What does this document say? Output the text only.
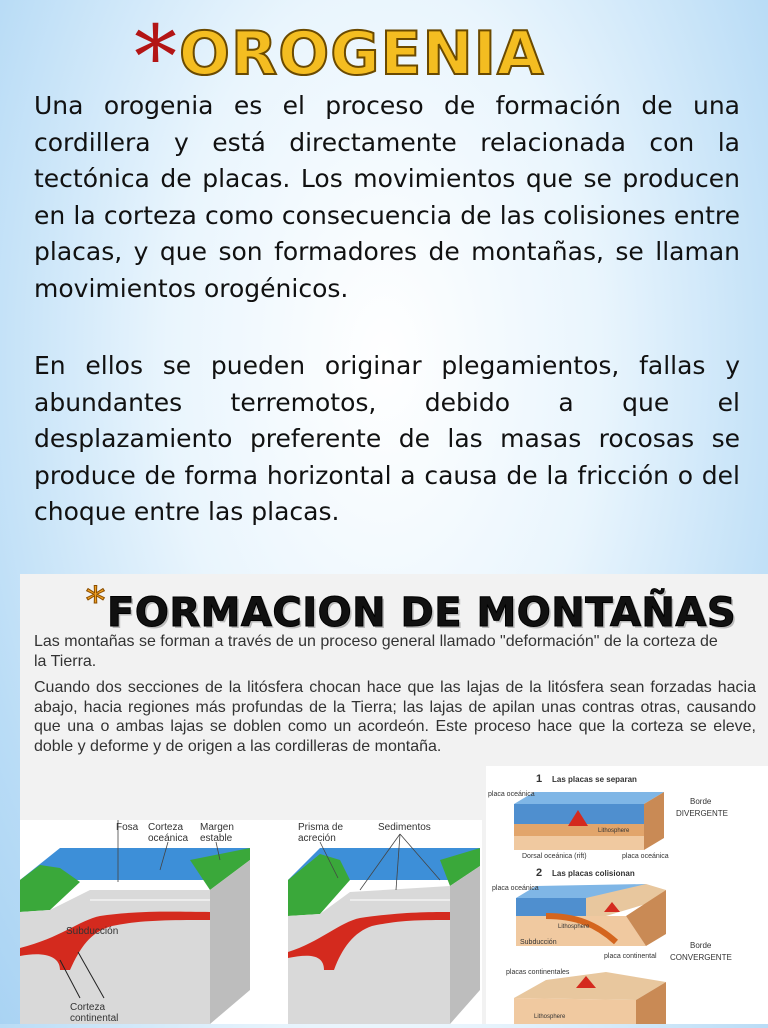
* OROGENIA

Una orogenia es el proceso de formación de una cordillera y está directamente relacionada con la tectónica de placas. Los movimientos que se producen en la corteza como consecuencia de las colisiones entre placas, y que son formadores de montañas, se llaman movimientos orogénicos.

En ellos se pueden originar plegamientos, fallas y abundantes terremotos, debido a que el desplazamiento preferente de las masas rocosas se produce de forma horizontal a causa de la fricción o del choque entre las placas.

* FORMACION DE MONTAÑAS

Las montañas se forman a través de un proceso general llamado "deformación" de la corteza de la Tierra.

Cuando dos secciones de la litósfera chocan hace que las lajas de la litósfera sean forzadas hacia abajo, hacia regiones más profundas de la Tierra; las lajas de apilan unas contras otras, causando que una o ambas lajas se doblen como un acordeón. Este proceso hace que la corteza se eleve, doble y deforme y de origen a las cordilleras de montaña.

Fosa Corteza
oceánica
Margen
estable
Subducción
Corteza
continental
Prisma de
acreción
Sedimentos
1 Las placas se separan
placa oceánica
Lithosphere
Dorsal oceánica (rift)	placa oceánica
Borde
DIVERGENTE
2 Las placas colisionan
placa oceánica
Lithosphere
Subducción
placa continental
Borde
CONVERGENTE
placas continentales
Lithosphere
